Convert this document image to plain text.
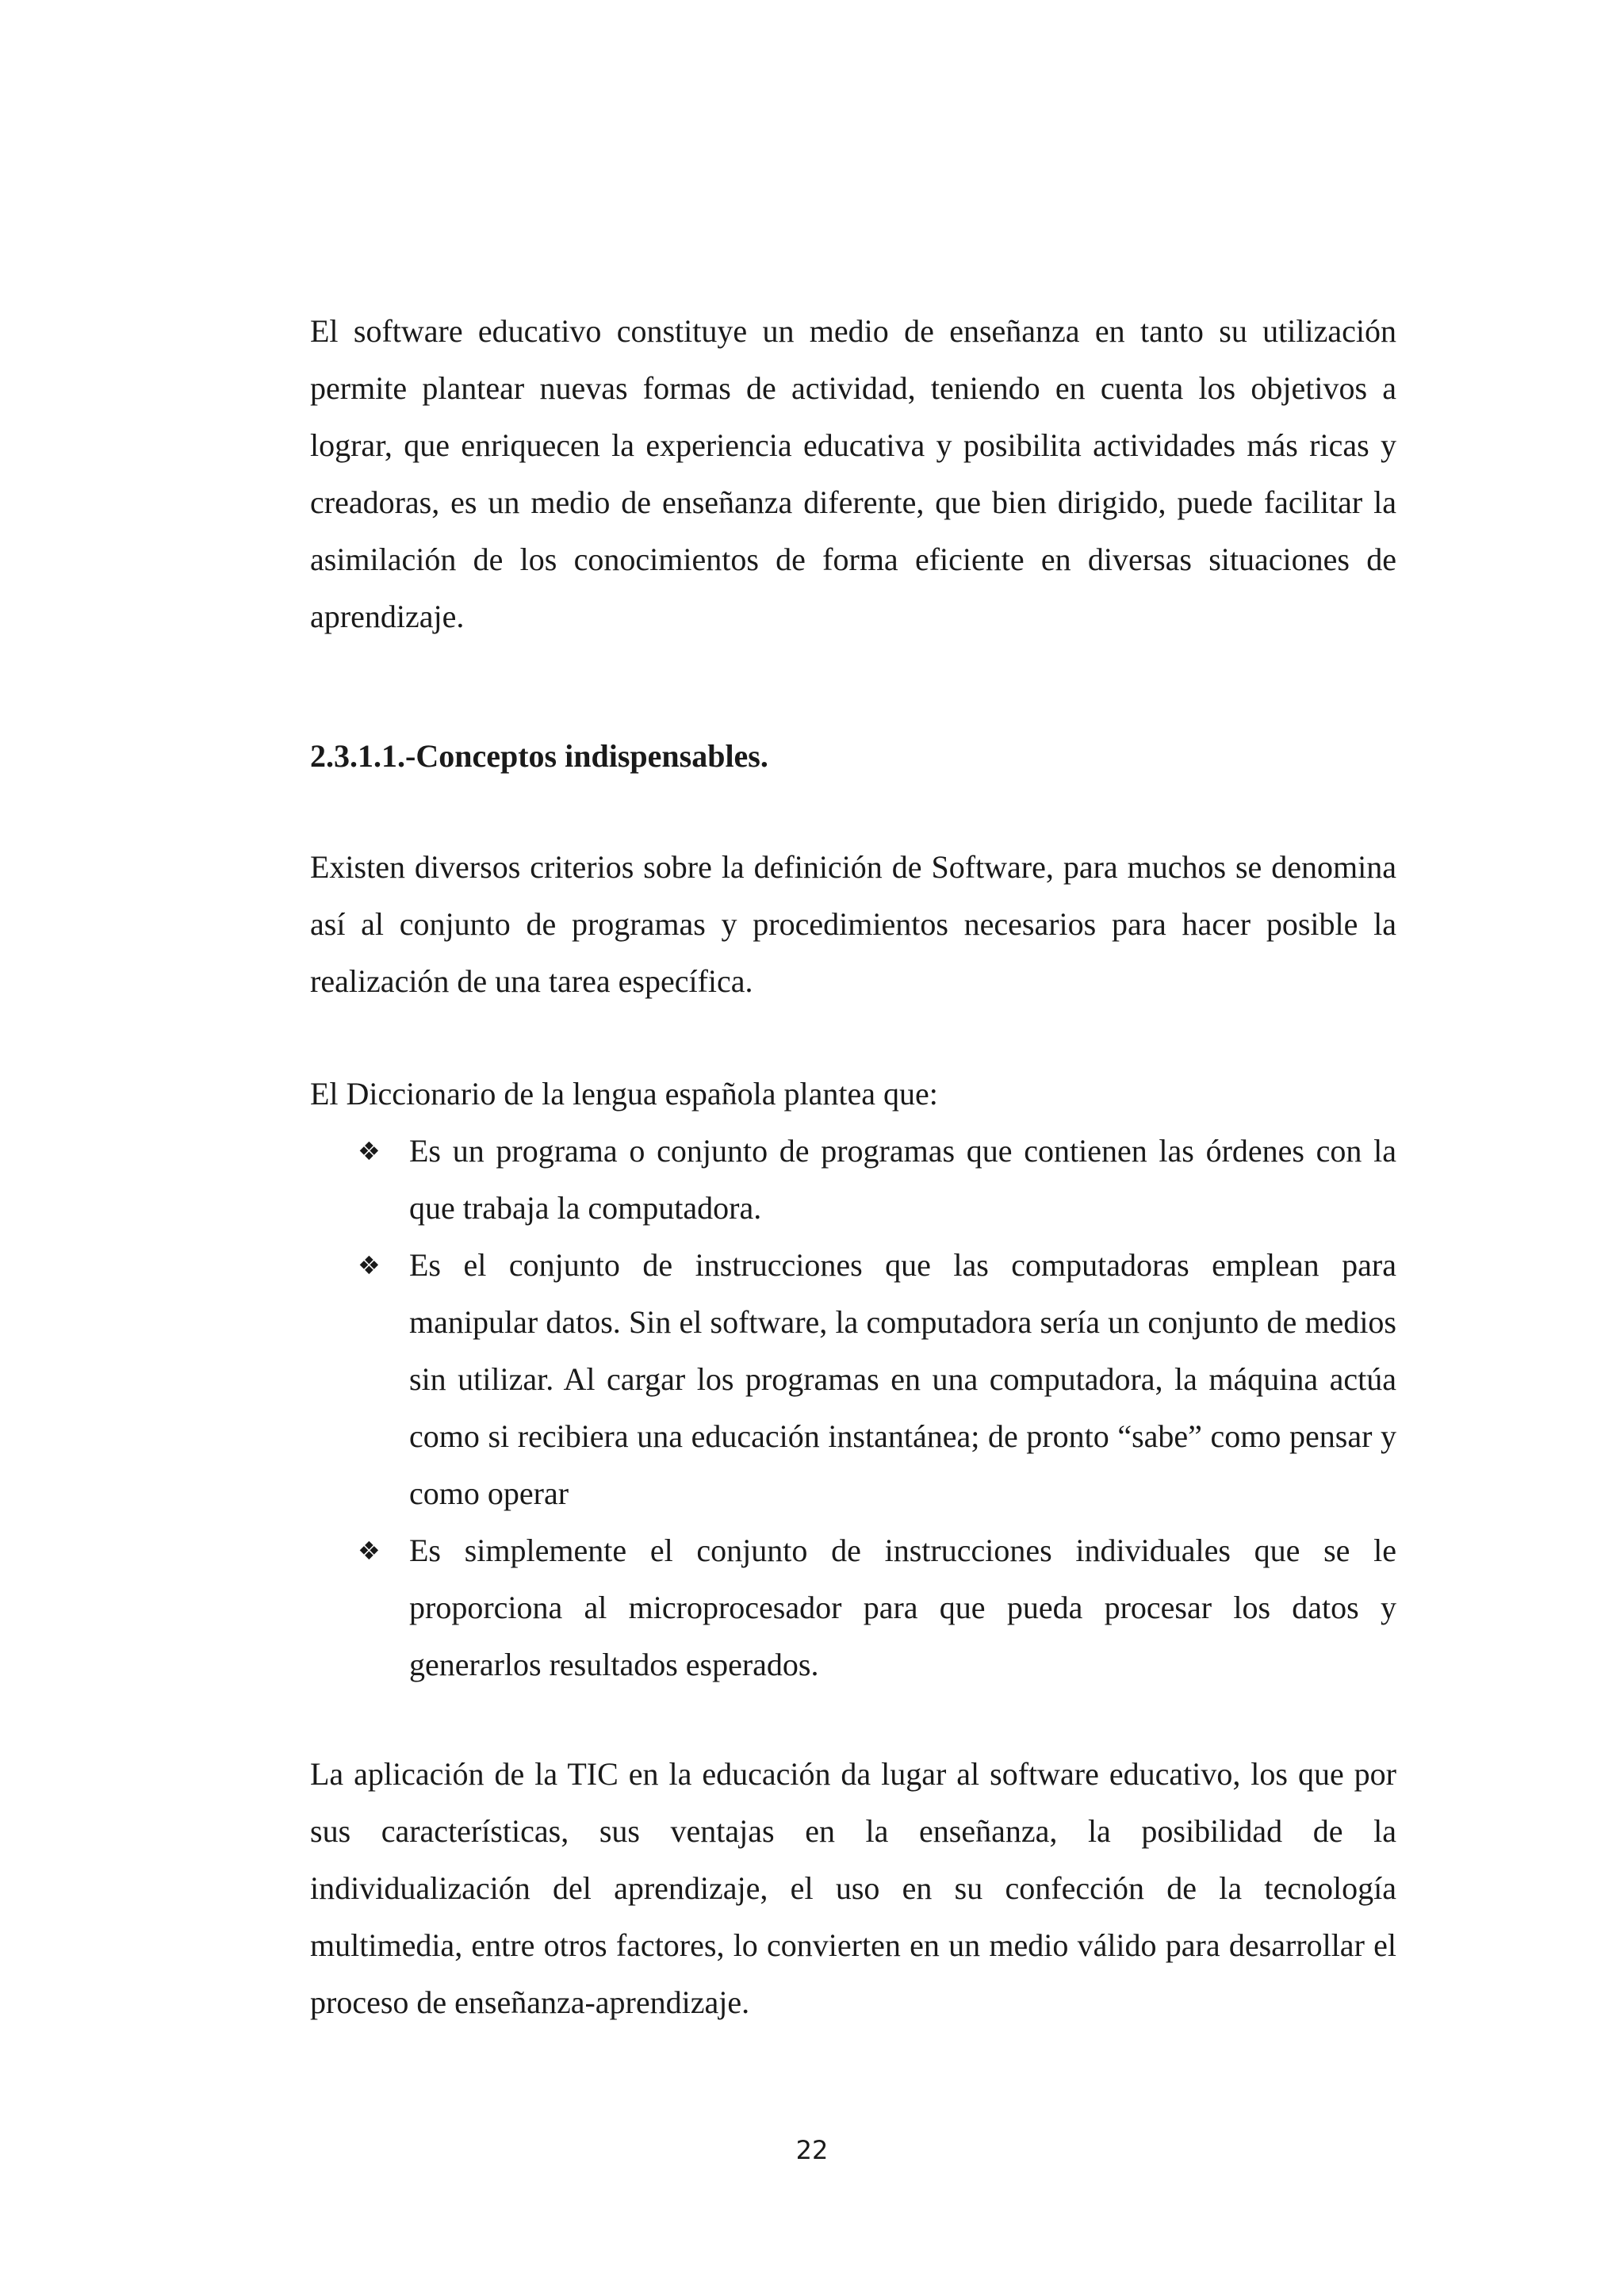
El software educativo constituye un medio de enseñanza en tanto su utilización permite plantear nuevas formas de actividad, teniendo en cuenta los objetivos a lograr, que enriquecen la experiencia educativa y posibilita actividades más ricas y creadoras, es un medio de enseñanza diferente, que bien dirigido, puede facilitar la asimilación de los conocimientos de forma eficiente en diversas situaciones de aprendizaje.

2.3.1.1.-Conceptos indispensables.

Existen diversos criterios sobre la definición de Software, para muchos se denomina así al conjunto de programas y procedimientos necesarios para hacer posible la realización de una tarea específica.

El Diccionario de la lengua española plantea que:

❖ Es un programa o conjunto de programas que contienen las órdenes con la que trabaja la computadora.
❖ Es el conjunto de instrucciones que las computadoras emplean para manipular datos. Sin el software, la computadora sería un conjunto de medios sin utilizar. Al cargar los programas en una computadora, la máquina actúa como si recibiera una educación instantánea; de pronto “sabe” como pensar y como operar
❖ Es simplemente el conjunto de instrucciones individuales que se le proporciona al microprocesador para que pueda procesar los datos y generarlos resultados esperados.

La aplicación de la TIC en la educación da lugar al software educativo, los que por sus características, sus ventajas en la enseñanza, la posibilidad de la individualización del aprendizaje, el uso en su confección de la tecnología multimedia, entre otros factores, lo convierten en un medio válido para desarrollar el proceso de enseñanza-aprendizaje.

22
